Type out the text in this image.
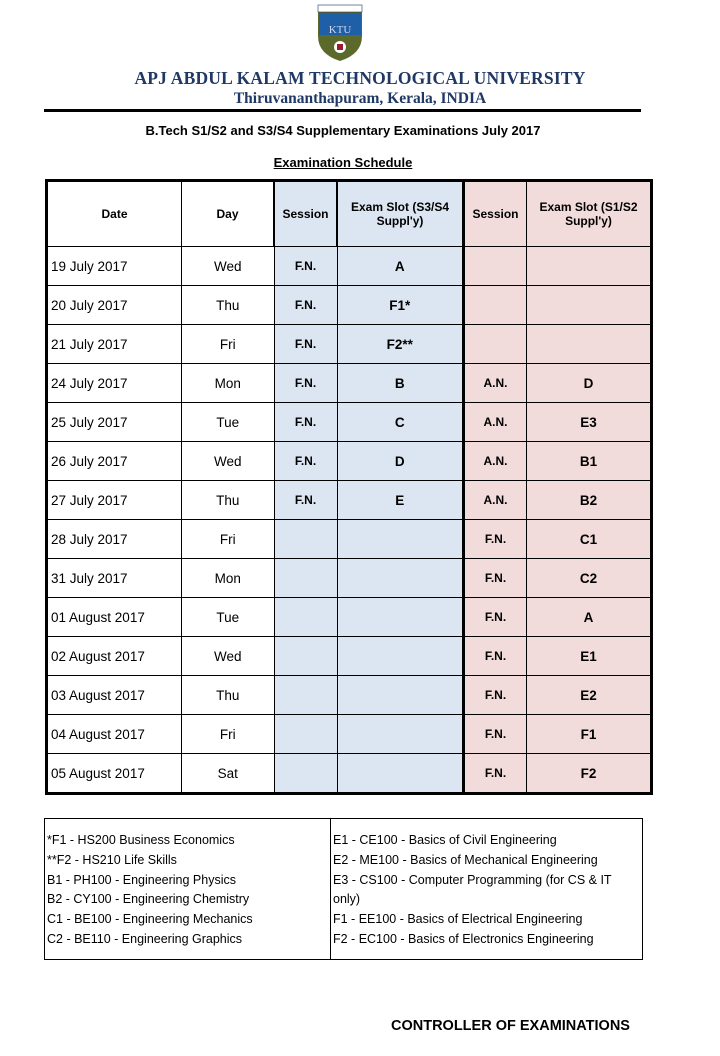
KTU
APJ ABDUL KALAM TECHNOLOGICAL UNIVERSITY
Thiruvananthapuram, Kerala, INDIA
B.Tech S1/S2 and S3/S4 Supplementary Examinations July 2017
Examination Schedule
Date	Day	Session	Exam Slot (S3/S4 Suppl'y)	Session	Exam Slot (S1/S2 Suppl'y)
19 July 2017	Wed	F.N.	A		
20 July 2017	Thu	F.N.	F1*		
21 July 2017	Fri	F.N.	F2**		
24 July 2017	Mon	F.N.	B	A.N.	D
25 July 2017	Tue	F.N.	C	A.N.	E3
26 July 2017	Wed	F.N.	D	A.N.	B1
27 July 2017	Thu	F.N.	E	A.N.	B2
28 July 2017	Fri			F.N.	C1
31 July 2017	Mon			F.N.	C2
01 August 2017	Tue			F.N.	A
02 August 2017	Wed			F.N.	E1
03 August 2017	Thu			F.N.	E2
04 August 2017	Fri			F.N.	F1
05 August 2017	Sat			F.N.	F2
*F1 - HS200 Business Economics
**F2 - HS210 Life Skills
B1 - PH100 - Engineering Physics
B2 - CY100 - Engineering Chemistry
C1 - BE100 - Engineering Mechanics
C2 - BE110 - Engineering Graphics
E1 - CE100 - Basics of Civil Engineering
E2 - ME100 - Basics of Mechanical Engineering
E3 - CS100 - Computer Programming (for CS & IT only)
F1 - EE100 - Basics of Electrical Engineering
F2 - EC100 - Basics of Electronics Engineering
CONTROLLER OF EXAMINATIONS
